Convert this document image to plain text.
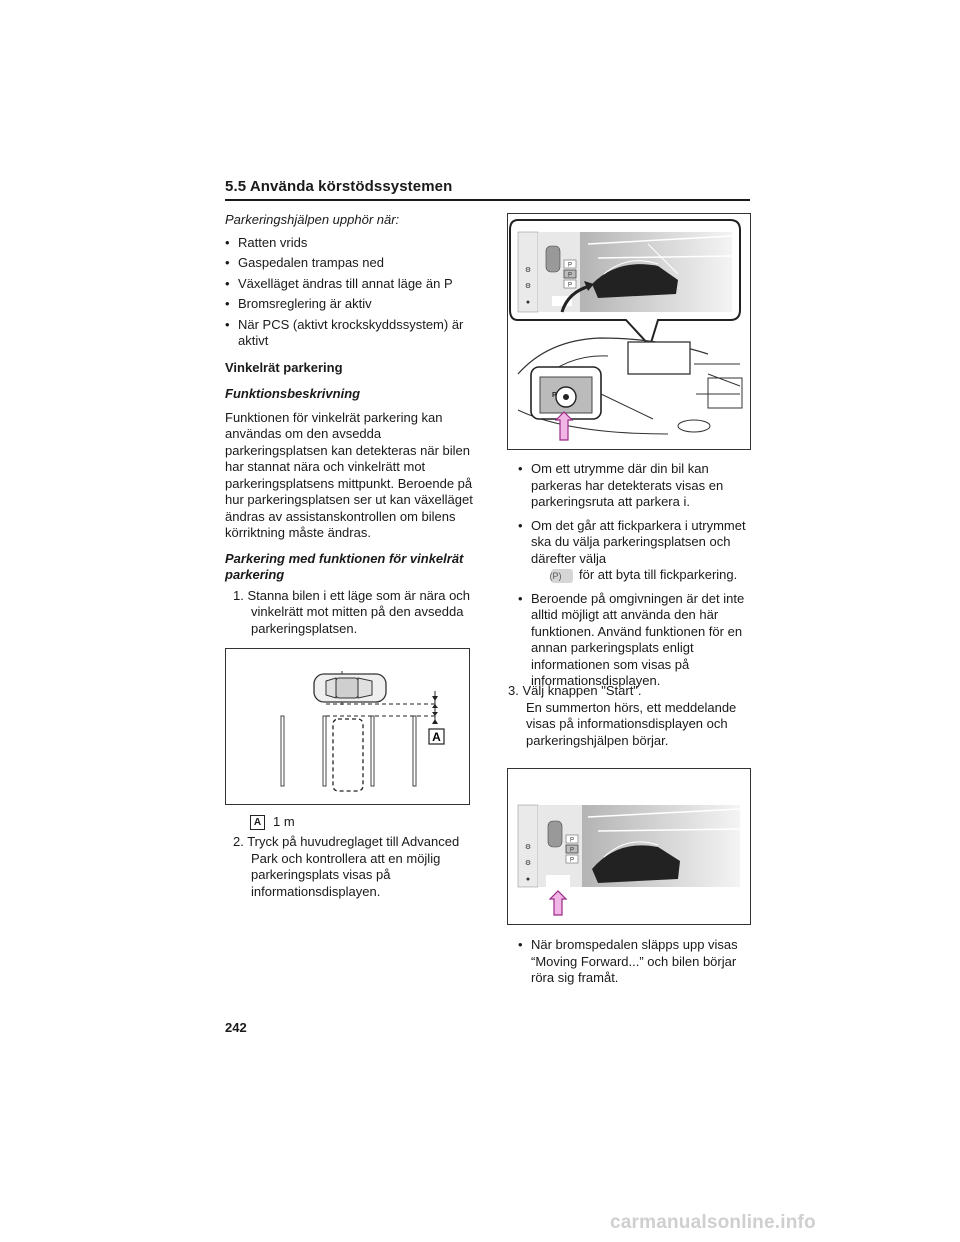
5.5 Använda körstödssystemen
Parkeringshjälpen upphör när:
• Ratten vrids
• Gaspedalen trampas ned
• Växelläget ändras till annat läge än P
• Bromsreglering är aktiv
• När PCS (aktivt krockskyddssystem) är aktivt
Vinkelrät parkering
Funktionsbeskrivning
Funktionen för vinkelrät parkering kan användas om den avsedda parkeringsplatsen kan detekteras när bilen har stannat nära och vinkelrätt mot parkeringsplatsens mittpunkt. Beroende på hur parkeringsplatsen ser ut kan växelläget ändras av assistanskontrollen om bilens körriktning måste ändras.
Parkering med funktionen för vinkelrät parkering
1. Stanna bilen i ett läge som är nära och vinkelrätt mot mitten på den avsedda parkeringsplatsen.
A
A 1 m
2. Tryck på huvudreglaget till Advanced Park och kontrollera att en möjlig parkeringsplats visas på informationsdisplayen.
⚙
⚙
●
P
P
P
P
• Om ett utrymme där din bil kan parkeras har detekterats visas en parkeringsruta att parkera i.
• Om det går att fickparkera i utrymmet ska du välja parkeringsplatsen och därefter välja
(P) för att byta till fickparkering.
• Beroende på omgivningen är det inte alltid möjligt att använda den här funktionen. Använd funktionen för en annan parkeringsplats enligt informationen som visas på informationsdisplayen.
3. Välj knappen "Start".
En summerton hörs, ett meddelande visas på informationsdisplayen och parkeringshjälpen börjar.
⚙
⚙
●
P
P
P
• När bromspedalen släpps upp visas “Moving Forward...” och bilen börjar röra sig framåt.
242
carmanualsonline.info
